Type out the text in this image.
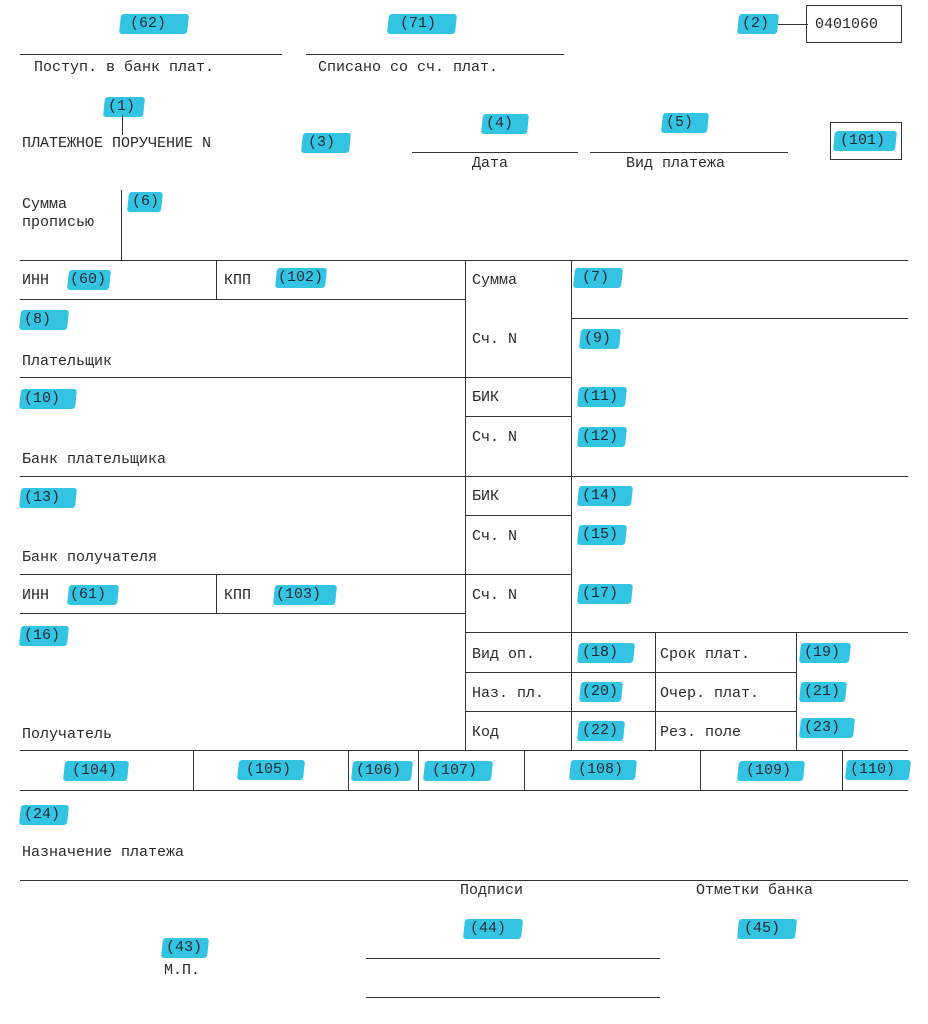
(62)
Поступ. в банк плат.
(71)
Списано со сч. плат.
(2)	0401060
(1)
ПЛАТЕЖНОЕ ПОРУЧЕНИЕ N	(3)
(4)
Дата
(5)
Вид платежа
(101)
Сумма
прописью
(6)
ИНН (60)	КПП (102)	Сумма	(7)
(8)
Сч. N	(9)
Плательщик
(10)	БИК	(11)
Сч. N	(12)
Банк плательщика
(13)	БИК	(14)
Сч. N	(15)
Банк получателя
ИНН (61)	КПП (103)	Сч. N	(17)
(16)
Вид оп.	(18)	Срок плат.	(19)
Наз. пл.	(20)	Очер. плат.	(21)
Код	(22)	Рез. поле	(23)
Получатель
(104)	(105)	(106)	(107)	(108)	(109)	(110)
(24)
Назначение платежа
Подписи	Отметки банка
(44)	(45)
(43)
М.П.
